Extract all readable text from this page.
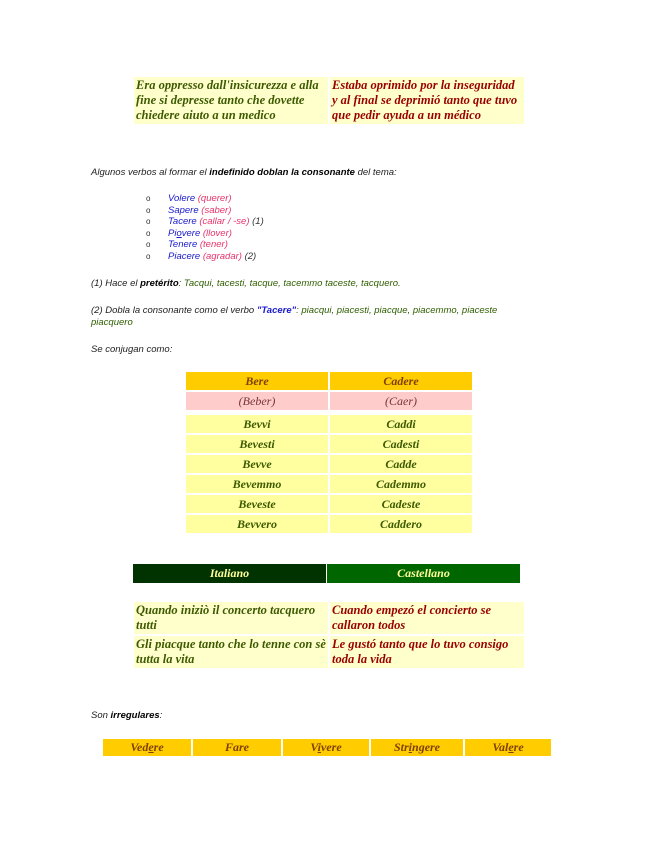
Era oppresso dall'insicurezza e alla fine si depresse tanto che dovette chiedere aiuto a un medico	Estaba oprimido por la inseguridad y al final se deprimió tanto que tuvo que pedir ayuda a un médico
Algunos verbos al formar el indefinido doblan la consonante del tema:
o	Volere
(querer)
o	Sapere
(saber)
o	Tacere
(callar / -se)
(1)
o	Piovere
(llover)
o	Tenere
(tener)
o	Piacere
(agradar)
(2)
(1) Hace el pretérito: Tacqui, tacesti, tacque, tacemmo taceste, tacquero.
(2) Dobla la consonante como el verbo "Tacere": piacqui, piacesti, piacque, piacemmo, piaceste
piacquero
Se conjugan como:
Bere	Cadere
(Beber)	(Caer)

Bevvi	Caddi
Bevesti	Cadesti
Bevve	Cadde
Bevemmo	Cademmo
Beveste	Cadeste
Bevvero	Caddero
Italiano	Castellano
Quando iniziò il concerto tacquero tutti	Cuando empezó el concierto se callaron todos
Gli piacque tanto che lo tenne con sè tutta la vita	Le gustó tanto que lo tuvo consigo toda la vida
Son irregulares:
Vedere	Fare	Vivere	Stringere	Valere
